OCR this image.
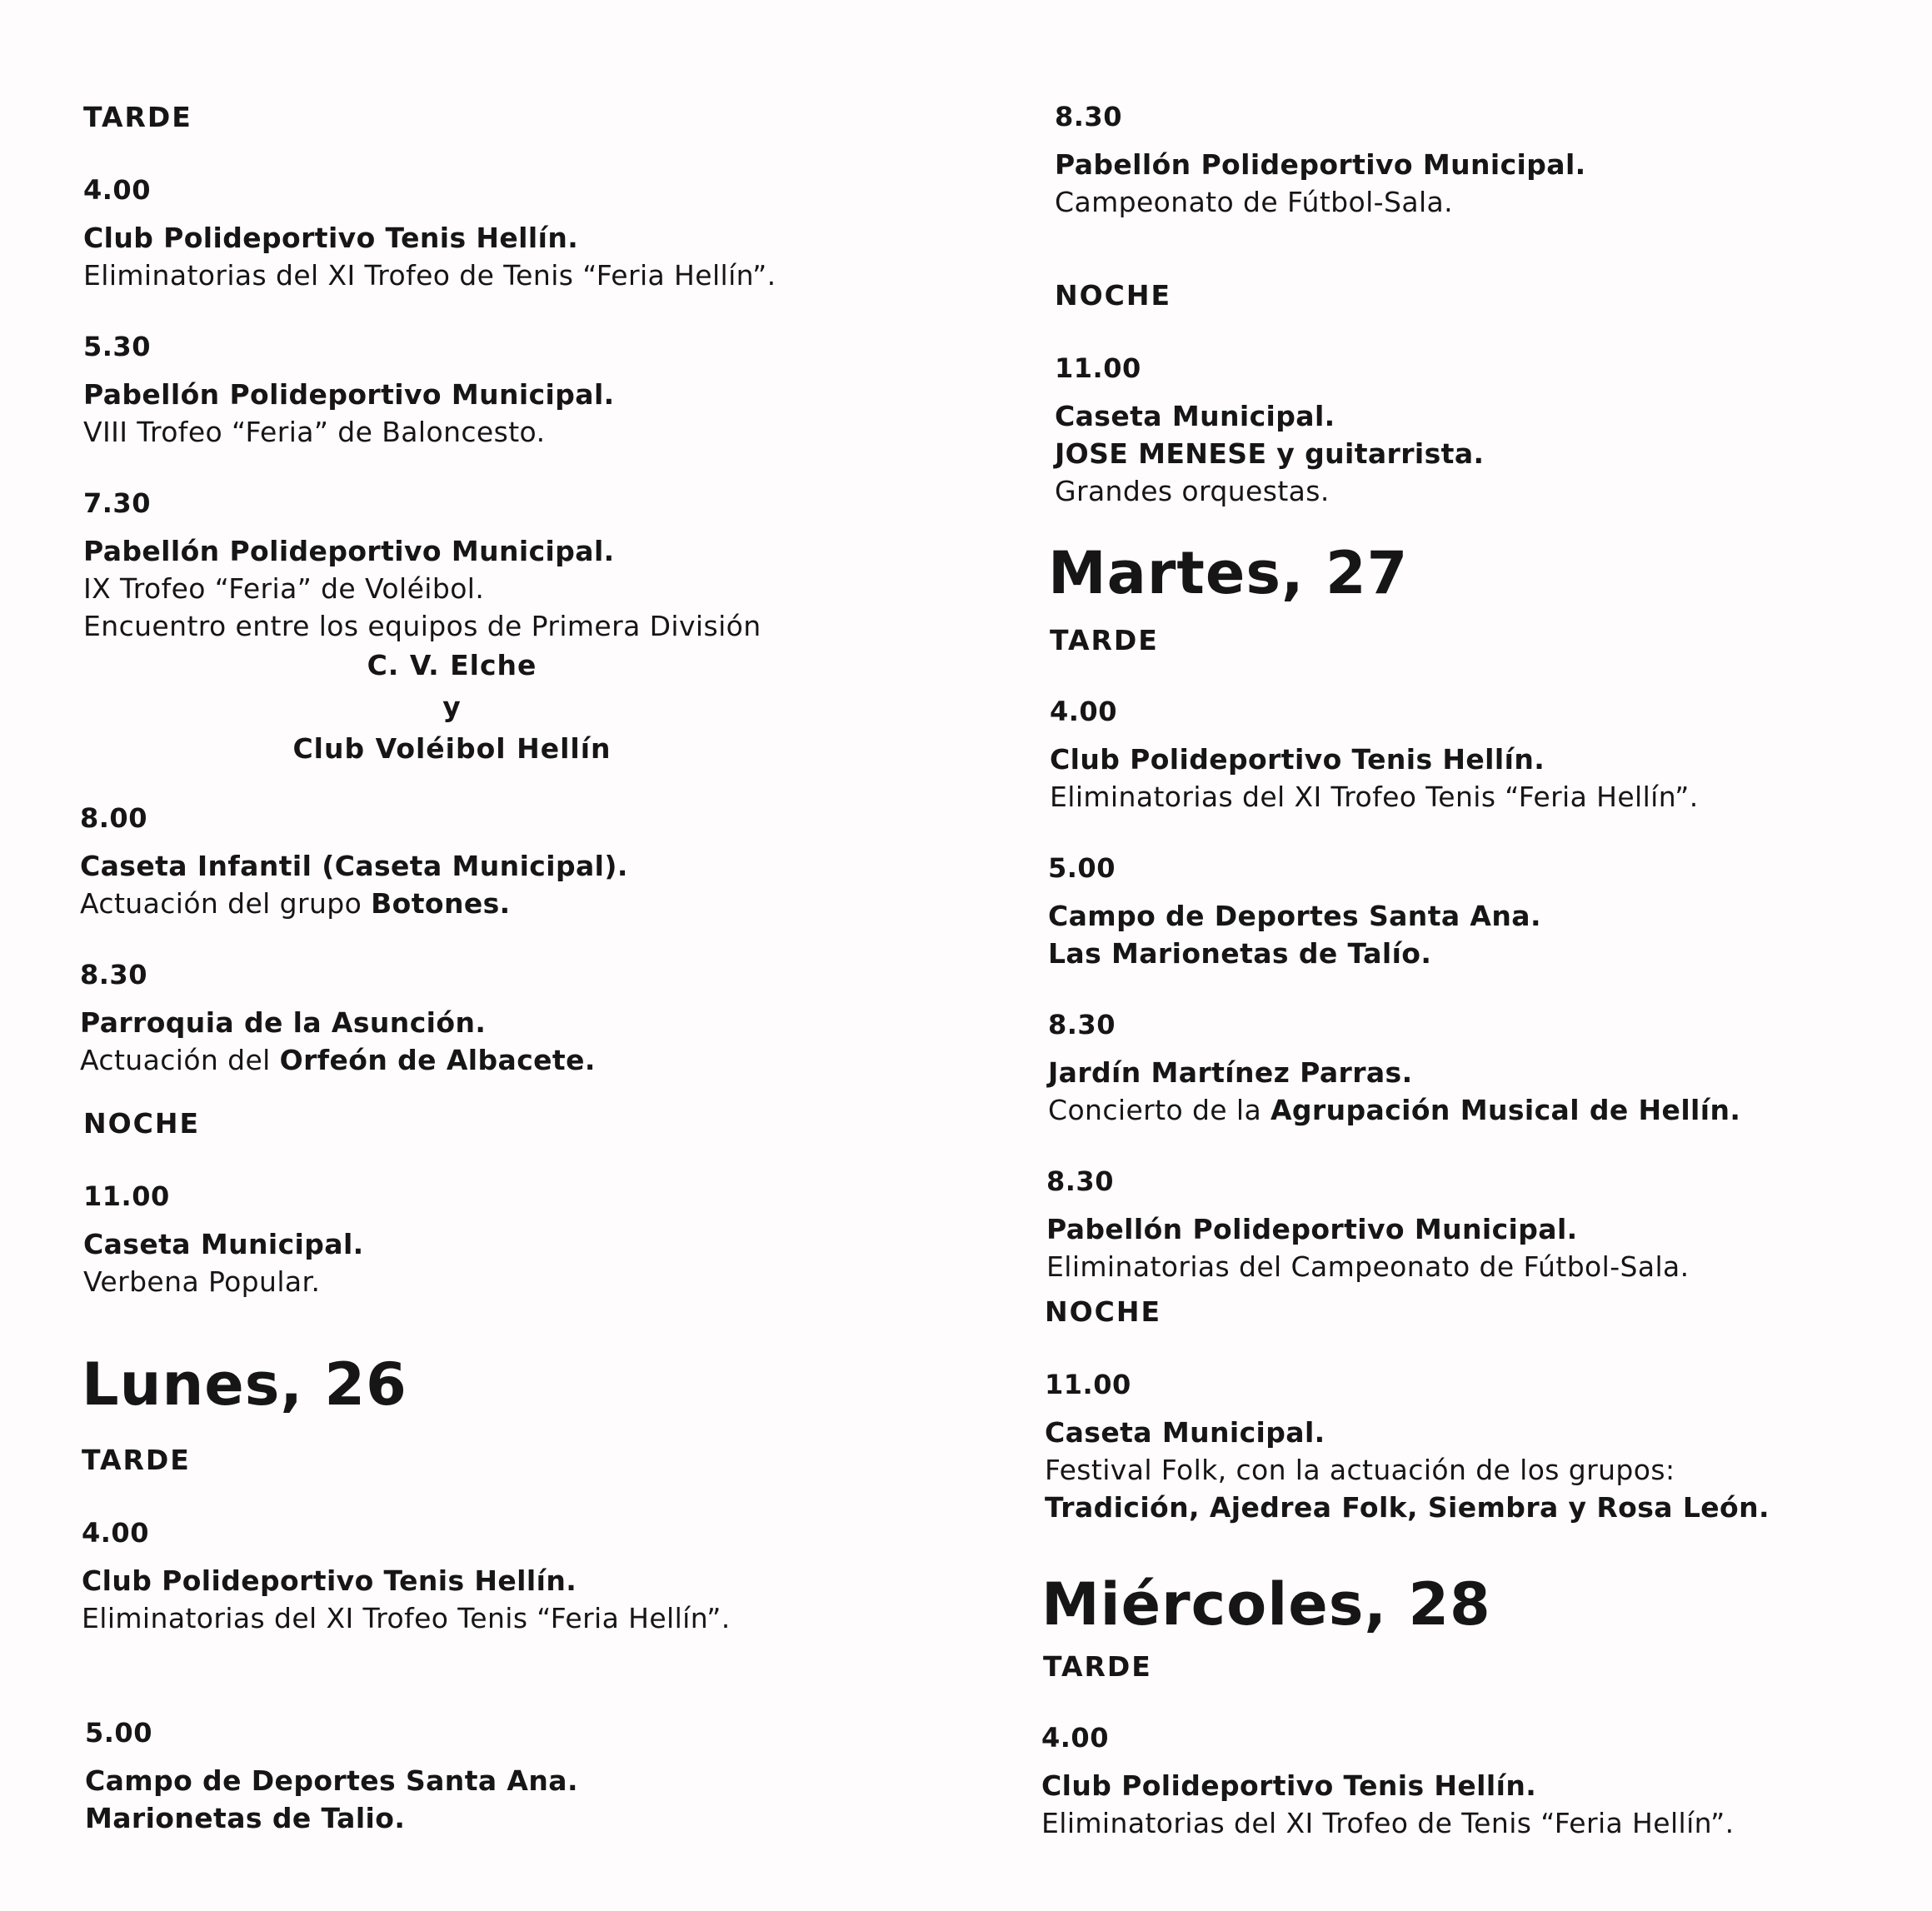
TARDE
4.00
Club Polideportivo Tenis Hellín.
Eliminatorias del XI Trofeo de Tenis “Feria Hellín”.
5.30
Pabellón Polideportivo Municipal.
VIII Trofeo “Feria” de Baloncesto.
7.30
Pabellón Polideportivo Municipal.
IX Trofeo “Feria” de Voléibol.
Encuentro entre los equipos de Primera División
C. V. Elche
y
Club Voléibol Hellín
8.00
Caseta Infantil (Caseta Municipal).
Actuación del grupo Botones.
8.30
Parroquia de la Asunción.
Actuación del Orfeón de Albacete.
NOCHE
11.00
Caseta Municipal.
Verbena Popular.
Lunes, 26
TARDE
4.00
Club Polideportivo Tenis Hellín.
Eliminatorias del XI Trofeo Tenis “Feria Hellín”.
5.00
Campo de Deportes Santa Ana.
Marionetas de Talio.
8.30
Pabellón Polideportivo Municipal.
Campeonato de Fútbol-Sala.
NOCHE
11.00
Caseta Municipal.
JOSE MENESE y guitarrista.
Grandes orquestas.
Martes, 27
TARDE
4.00
Club Polideportivo Tenis Hellín.
Eliminatorias del XI Trofeo Tenis “Feria Hellín”.
5.00
Campo de Deportes Santa Ana.
Las Marionetas de Talío.
8.30
Jardín Martínez Parras.
Concierto de la Agrupación Musical de Hellín.
8.30
Pabellón Polideportivo Municipal.
Eliminatorias del Campeonato de Fútbol-Sala.
NOCHE
11.00
Caseta Municipal.
Festival Folk, con la actuación de los grupos:
Tradición, Ajedrea Folk, Siembra y Rosa León.
Miércoles, 28
TARDE
4.00
Club Polideportivo Tenis Hellín.
Eliminatorias del XI Trofeo de Tenis “Feria Hellín”.
